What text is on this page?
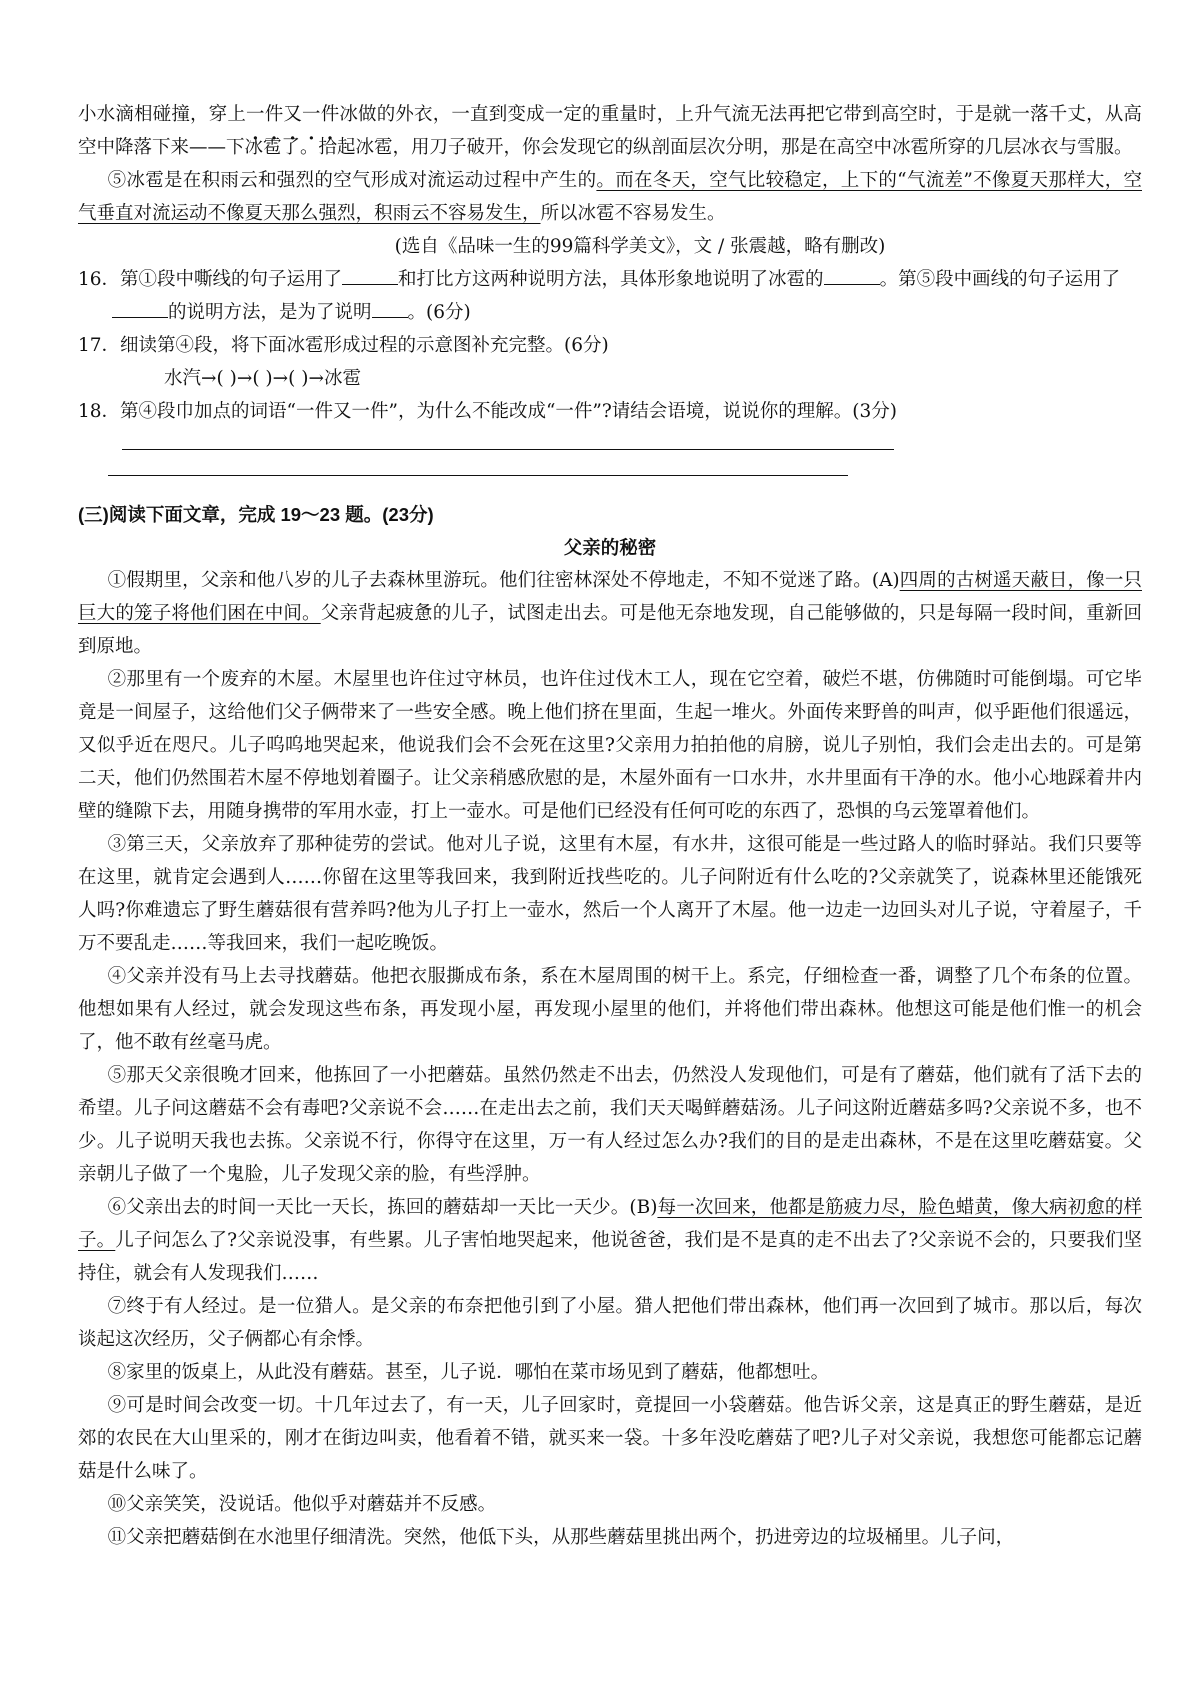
小水滴相碰撞，穿上一件又一件冰做的外衣，一直到变成一定的重量时，上升气流无法再把它带到高空时，于是就一落千丈，从高空中降落下来——下冰雹了。拾起冰雹，用刀子破开，你会发现它的纵剖面层次分明，那是在高空中冰雹所穿的几层冰衣与雪服。

⑤冰雹是在积雨云和强烈的空气形成对流运动过程中产生的。而在冬天，空气比较稳定，上下的“气流差”不像夏天那样大，空气垂直对流运动不像夏天那么强烈，积雨云不容易发生，所以冰雹不容易发生。

(选自《品味一生的99篇科学美文》，文 / 张震越，略有删改)

16．第①段中嘶线的句子运用了	和打比方这两种说明方法，具体形象地说明了冰雹的	。第⑤段中画线的句子运用了的说明方法，是为了说明 。(6分)

17．细读第④段，将下面冰雹形成过程的示意图补充完整。(6分)

水汽→( )→( )→( )→冰雹

18．第④段巾加点的词语“一件又一件”，为什么不能改成“一件”?请结会语境，说说你的理解。(3分)

(三)阅读下面文章，完成 19～23 题。(23分)

父亲的秘密

①假期里，父亲和他八岁的儿子去森林里游玩。他们往密林深处不停地走，不知不觉迷了路。(A)四周的古树遥天蔽日，像一只巨大的笼子将他们困在中间。父亲背起疲惫的儿子，试图走出去。可是他无奈地发现，自己能够做的，只是每隔一段时间，重新回到原地。

②那里有一个废弃的木屋。木屋里也许住过守林员，也许住过伐木工人，现在它空着，破烂不堪，仿佛随时可能倒塌。可它毕竟是一间屋子，这给他们父子俩带来了一些安全感。晚上他们挤在里面，生起一堆火。外面传来野兽的叫声，似乎距他们很遥远，又似乎近在咫尺。儿子呜呜地哭起来，他说我们会不会死在这里?父亲用力拍拍他的肩膀，说儿子别怕，我们会走出去的。可是第二天，他们仍然围若木屋不停地划着圈子。让父亲稍感欣慰的是，木屋外面有一口水井，水井里面有干净的水。他小心地踩着井内壁的缝隙下去，用随身携带的军用水壶，打上一壶水。可是他们已经没有任何可吃的东西了，恐惧的乌云笼罩着他们。

③第三天，父亲放弃了那种徒劳的尝试。他对儿子说，这里有木屋，有水井，这很可能是一些过路人的临时驿站。我们只要等在这里，就肯定会遇到人……你留在这里等我回来，我到附近找些吃的。儿子问附近有什么吃的?父亲就笑了，说森林里还能饿死人吗?你难遗忘了野生蘑菇很有营养吗?他为儿子打上一壶水，然后一个人离开了木屋。他一边走一边回头对儿子说，守着屋子，千万不要乱走……等我回来，我们一起吃晚饭。

④父亲并没有马上去寻找蘑菇。他把衣服撕成布条，系在木屋周围的树干上。系完，仔细检查一番，调整了几个布条的位置。他想如果有人经过，就会发现这些布条，再发现小屋，再发现小屋里的他们，并将他们带出森林。他想这可能是他们惟一的机会了，他不敢有丝毫马虎。

⑤那天父亲很晚才回来，他拣回了一小把蘑菇。虽然仍然走不出去，仍然没人发现他们，可是有了蘑菇，他们就有了活下去的希望。儿子问这蘑菇不会有毒吧?父亲说不会……在走出去之前，我们天天喝鲜蘑菇汤。儿子问这附近蘑菇多吗?父亲说不多，也不少。儿子说明天我也去拣。父亲说不行，你得守在这里，万一有人经过怎么办?我们的目的是走出森林，不是在这里吃蘑菇宴。父亲朝儿子做了一个鬼脸，儿子发现父亲的脸，有些浮肿。

⑥父亲出去的时间一天比一天长，拣回的蘑菇却一天比一天少。(B)每一次回来，他都是筋疲力尽，脸色蜡黄，像大病初愈的样子。儿子问怎么了?父亲说没事，有些累。儿子害怕地哭起来，他说爸爸，我们是不是真的走不出去了?父亲说不会的，只要我们坚持住，就会有人发现我们……

⑦终于有人经过。是一位猎人。是父亲的布奈把他引到了小屋。猎人把他们带出森林，他们再一次回到了城市。那以后，每次谈起这次经历，父子俩都心有余悸。

⑧家里的饭桌上，从此没有蘑菇。甚至，儿子说．哪怕在菜市场见到了蘑菇，他都想吐。

⑨可是时间会改变一切。十几年过去了，有一天，儿子回家时，竟提回一小袋蘑菇。他告诉父亲，这是真正的野生蘑菇，是近郊的农民在大山里采的，刚才在街边叫卖，他看着不错，就买来一袋。十多年没吃蘑菇了吧?儿子对父亲说，我想您可能都忘记蘑菇是什么味了。

⑩父亲笑笑，没说话。他似乎对蘑菇并不反感。

⑪父亲把蘑菇倒在水池里仔细清洗。突然，他低下头，从那些蘑菇里挑出两个，扔进旁边的垃圾桶里。儿子问，
